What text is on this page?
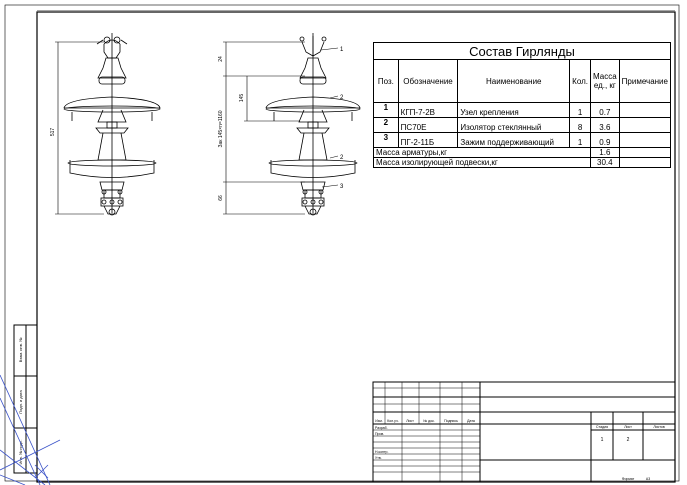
517
24
145
Зак 145×n=1160
66
1
2
2
3
Взам. инв. №
Подп. и дата
Инв. № подл.
Изм. Кол.уч. Лист	№ док.	Подпись	Дата
Разраб.
Пров.
Н.контр.
Утв.
Стадия	Лист	Листов
1	2
Формат	А3
Состав Гирлянды					
Поз.	Обозначение	Наименование	Кол.	Масса ед., кг	Примечание
1	КГП-7-2В	Узел крепления	1	0.7	
2	ПС70Е	Изолятор стеклянный	8	3.6	
3	ПГ-2-11Б	Зажим поддерживающий	1	0.9	
Масса арматуры,кг				1.6	
Масса изолирующей подвески,кг				30.4	
